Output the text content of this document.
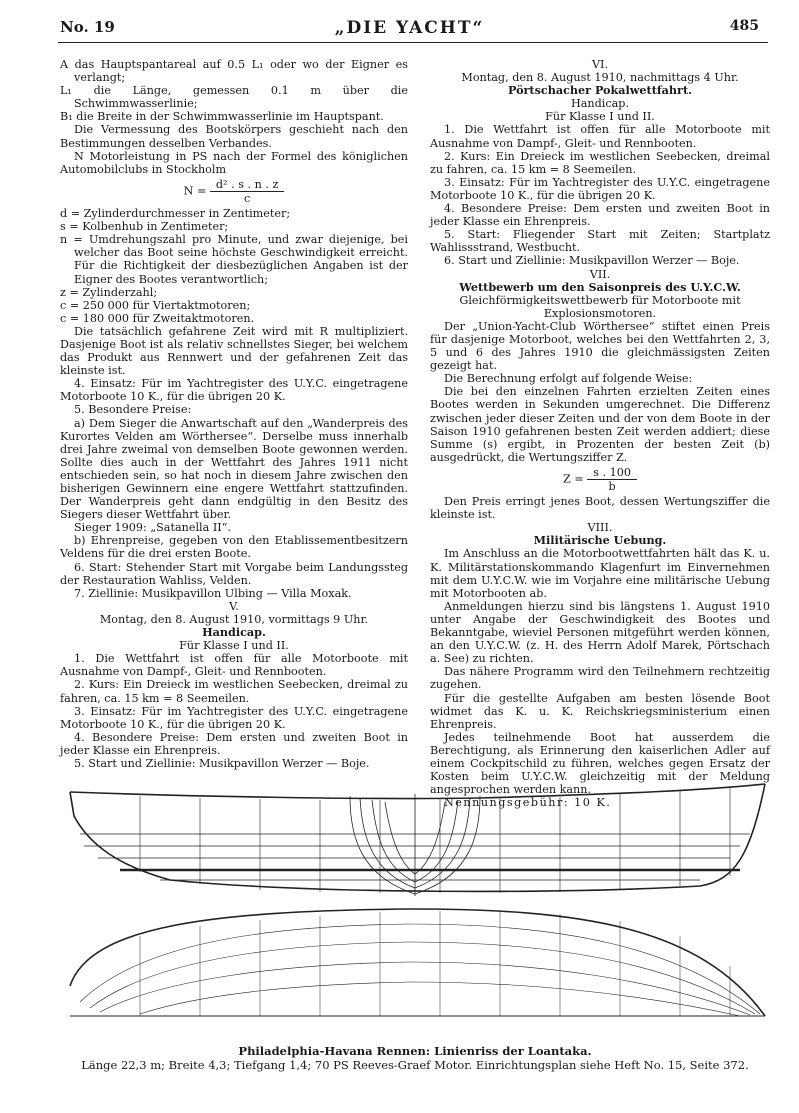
No. 19	„DIE YACHT“	485

A das Hauptspantareal auf 0.5 L₁ oder wo der Eigner es verlangt;

L₁ die Länge, gemessen 0.1 m über die Schwimmwasserlinie;

B₁ die Breite in der Schwimmwasserlinie im Hauptspant.

Die Vermessung des Bootskörpers geschieht nach den Bestimmungen desselben Verbandes.

N Motorleistung in PS nach der Formel des königlichen Automobilclubs in Stockholm

$N = \frac{\text{d² . s . n . z}}{c}$

d = Zylinderdurchmesser in Zentimeter;

s = Kolbenhub in Zentimeter;

n = Umdrehungszahl pro Minute, und zwar diejenige, bei welcher das Boot seine höchste Geschwindigkeit erreicht. Für die Richtigkeit der diesbezüglichen Angaben ist der Eigner des Bootes verantwortlich;

z = Zylinderzahl;

c = 250 000 für Viertaktmotoren;

c = 180 000 für Zweitaktmotoren.

Die tatsächlich gefahrene Zeit wird mit R multipliziert. Dasjenige Boot ist als relativ schnellstes Sieger, bei welchem das Produkt aus Rennwert und der gefahrenen Zeit das kleinste ist.

4. Einsatz: Für im Yachtregister des U.Y.C. eingetragene Motorboote 10 K., für die übrigen 20 K.

5. Besondere Preise:

a) Dem Sieger die Anwartschaft auf den „Wanderpreis des Kurortes Velden am Wörthersee“. Derselbe muss innerhalb drei Jahre zweimal von demselben Boote gewonnen werden. Sollte dies auch in der Wettfahrt des Jahres 1911 nicht entschieden sein, so hat noch in diesem Jahre zwischen den bisherigen Gewinnern eine engere Wettfahrt stattzufinden. Der Wanderpreis geht dann endgültig in den Besitz des Siegers dieser Wettfahrt über.

Sieger 1909: „Satanella II“.

b) Ehrenpreise, gegeben von den Etablissementbesitzern Veldens für die drei ersten Boote.

6. Start: Stehender Start mit Vorgabe beim Landungssteg der Restauration Wahliss, Velden.

7. Ziellinie: Musikpavillon Ulbing — Villa Moxak.

V.

Montag, den 8. August 1910, vormittags 9 Uhr.

Handicap.

Für Klasse I und II.

1. Die Wettfahrt ist offen für alle Motorboote mit Ausnahme von Dampf-, Gleit- und Rennbooten.

2. Kurs: Ein Dreieck im westlichen Seebecken, dreimal zu fahren, ca. 15 km = 8 Seemeilen.

3. Einsatz: Für im Yachtregister des U.Y.C. eingetragene Motorboote 10 K., für die übrigen 20 K.

4. Besondere Preise: Dem ersten und zweiten Boot in jeder Klasse ein Ehrenpreis.

5. Start und Ziellinie: Musikpavillon Werzer — Boje.

VI.

Montag, den 8. August 1910, nachmittags 4 Uhr.

Pörtschacher Pokalwettfahrt.

Handicap.

Für Klasse I und II.

1. Die Wettfahrt ist offen für alle Motorboote mit Ausnahme von Dampf-, Gleit- und Rennbooten.

2. Kurs: Ein Dreieck im westlichen Seebecken, dreimal zu fahren, ca. 15 km = 8 Seemeilen.

3. Einsatz: Für im Yachtregister des U.Y.C. eingetragene Motorboote 10 K., für die übrigen 20 K.

4. Besondere Preise: Dem ersten und zweiten Boot in jeder Klasse ein Ehrenpreis.

5. Start: Fliegender Start mit Zeiten; Startplatz Wahlissstrand, Westbucht.

6. Start und Ziellinie: Musikpavillon Werzer — Boje.

VII.

Wettbewerb um den Saisonpreis des U.Y.C.W.

Gleichförmigkeitswettbewerb für Motorboote mit Explosionsmotoren.

Der „Union-Yacht-Club Wörthersee“ stiftet einen Preis für dasjenige Motorboot, welches bei den Wettfahrten 2, 3, 5 und 6 des Jahres 1910 die gleichmässigsten Zeiten gezeigt hat.

Die Berechnung erfolgt auf folgende Weise:

Die bei den einzelnen Fahrten erzielten Zeiten eines Bootes werden in Sekunden umgerechnet. Die Differenz zwischen jeder dieser Zeiten und der von dem Boote in der Saison 1910 gefahrenen besten Zeit werden addiert; diese Summe (s) ergibt, in Prozenten der besten Zeit (b) ausgedrückt, die Wertungsziffer Z.

$Z = \frac{s . 100}{b}$

Den Preis erringt jenes Boot, dessen Wertungsziffer die kleinste ist.

VIII.

Militärische Uebung.

Im Anschluss an die Motorbootwettfahrten hält das K. u. K. Militärstationskommando Klagenfurt im Einvernehmen mit dem U.Y.C.W. wie im Vorjahre eine militärische Uebung mit Motorbooten ab.

Anmeldungen hierzu sind bis längstens 1. August 1910 unter Angabe der Geschwindigkeit des Bootes und Bekanntgabe, wieviel Personen mitgeführt werden können, an den U.Y.C.W. (z. H. des Herrn Adolf Marek, Pörtschach a. See) zu richten.

Das nähere Programm wird den Teilnehmern rechtzeitig zugehen.

Für die gestellte Aufgaben am besten lösende Boot widmet das K. u. K. Reichskriegsministerium einen Ehrenpreis.

Jedes teilnehmende Boot hat ausserdem die Berechtigung, als Erinnerung den kaiserlichen Adler auf einem Cockpitschild zu führen, welches gegen Ersatz der Kosten beim U.Y.C.W. gleichzeitig mit der Meldung angesprochen werden kann.

Nennungsgebühr: 10 K.

Philadelphia-Havana Rennen: Linienriss der Loantaka.
Länge 22,3 m; Breite 4,3; Tiefgang 1,4; 70 PS Reeves-Graef Motor. Einrichtungsplan siehe Heft No. 15, Seite 372.
